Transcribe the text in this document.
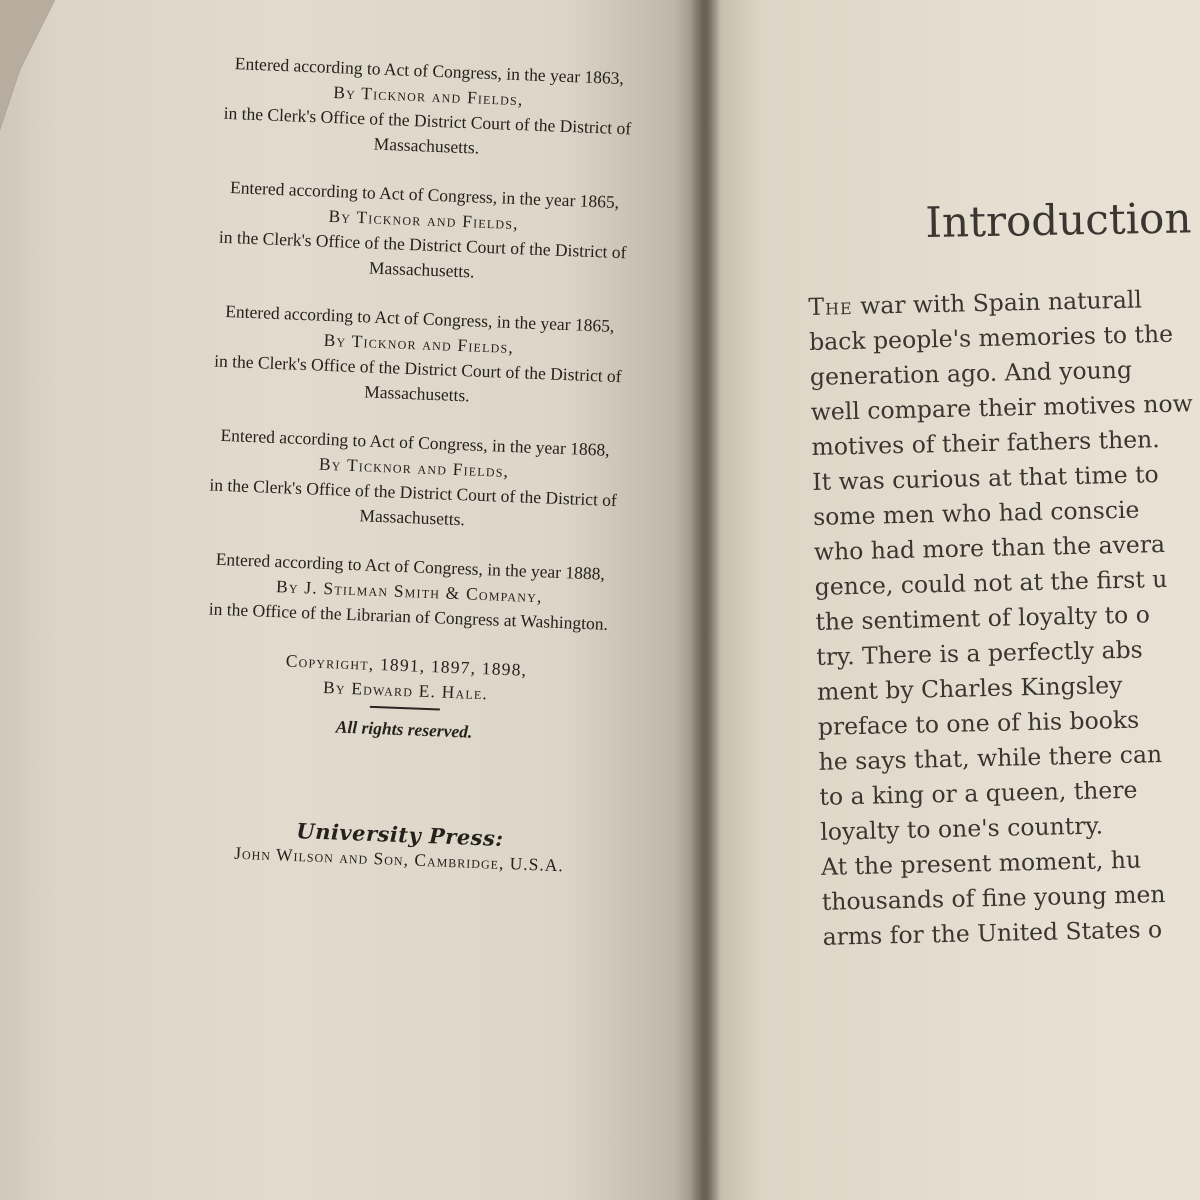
Entered according to Act of Congress, in the year 1863,
By Ticknor and Fields,
in the Clerk's Office of the District Court of the District of
Massachusetts.
Entered according to Act of Congress, in the year 1865,
By Ticknor and Fields,
in the Clerk's Office of the District Court of the District of
Massachusetts.
Entered according to Act of Congress, in the year 1865,
By Ticknor and Fields,
in the Clerk's Office of the District Court of the District of
Massachusetts.
Entered according to Act of Congress, in the year 1868,
By Ticknor and Fields,
in the Clerk's Office of the District Court of the District of
Massachusetts.
Entered according to Act of Congress, in the year 1888,
By J. Stilman Smith & Company,
in the Office of the Librarian of Congress at Washington.
Copyright, 1891, 1897, 1898,
By Edward E. Hale.
All rights reserved.
University Press:
John Wilson and Son, Cambridge, U.S.A.
Introduction
The war with Spain naturall
back people's memories to the
generation ago. And young
well compare their motives now
motives of their fathers then.
It was curious at that time to
some men who had conscie
who had more than the avera
gence, could not at the first u
the sentiment of loyalty to o
try. There is a perfectly abs
ment by Charles Kingsley
preface to one of his books
he says that, while there can
to a king or a queen, there
loyalty to one's country.
At the present moment, hu
thousands of fine young men
arms for the United States o
